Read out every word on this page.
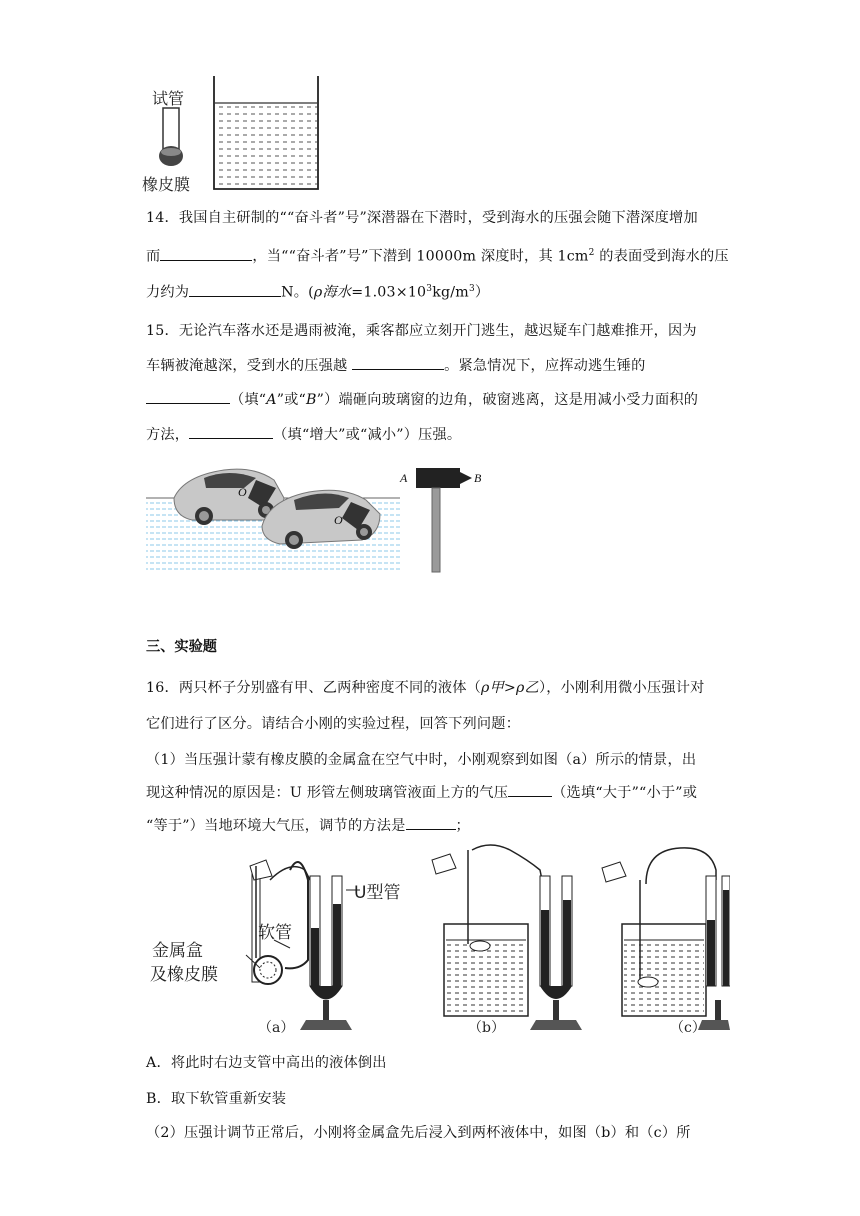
试管
橡皮膜
14．我国自主研制的““奋斗者”号”深潜器在下潜时，受到海水的压强会随下潜深度增加
而	，当““奋斗者”号”下潜到 10000m 深度时，其 $1cm^2$ 的表面受到海水的压
力约为	N。(ρ海水$=1.03\times 10^3kg/m^3$）
15．无论汽车落水还是遇雨被淹，乘客都应立刻开门逃生，越迟疑车门越难推开，因为
车辆被淹越深，受到水的压强越	。紧急情况下，应挥动逃生锤的
（填“A”或“B”）端砸向玻璃窗的边角，破窗逃离，这是用减小受力面积的
方法，	（填“增大”或“减小”）压强。
O
O
A	B
三、实验题
16．两只杯子分别盛有甲、乙两种密度不同的液体（ρ甲>ρ乙），小刚利用微小压强计对
它们进行了区分。请结合小刚的实验过程，回答下列问题：
（1）当压强计蒙有橡皮膜的金属盒在空气中时，小刚观察到如图（a）所示的情景，出
现这种情况的原因是：U 形管左侧玻璃管液面上方的气压	（选填“大于”“小于”或
“等于”）当地环境大气压，调节的方法是	；
U型管
软管
金属盒
及橡皮膜
（a）	（b）	（c）
A．将此时右边支管中高出的液体倒出
B．取下软管重新安装
（2）压强计调节正常后，小刚将金属盒先后浸入到两杯液体中，如图（b）和（c）所
